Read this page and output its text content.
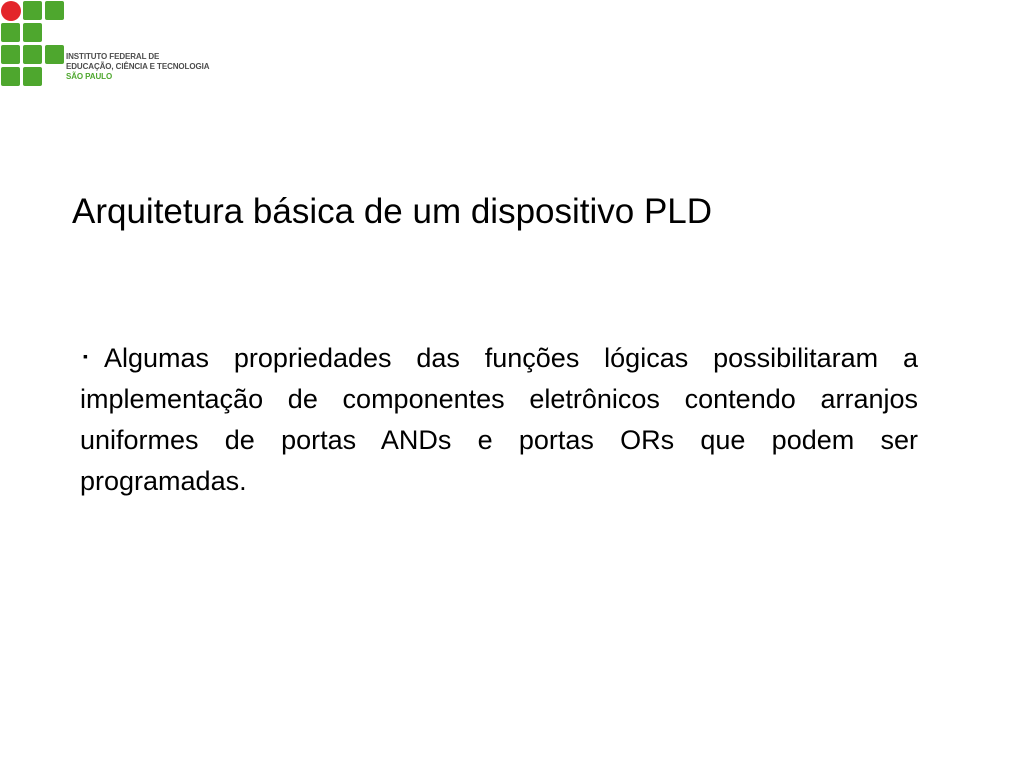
INSTITUTO FEDERAL DE
EDUCAÇÃO, CIÊNCIA E TECNOLOGIA
SÃO PAULO
Arquitetura básica de um dispositivo PLD

▪ Algumas propriedades das funções lógicas possibilitaram a implementação de componentes eletrônicos contendo arranjos uniformes de portas ANDs e portas ORs que podem ser programadas.
